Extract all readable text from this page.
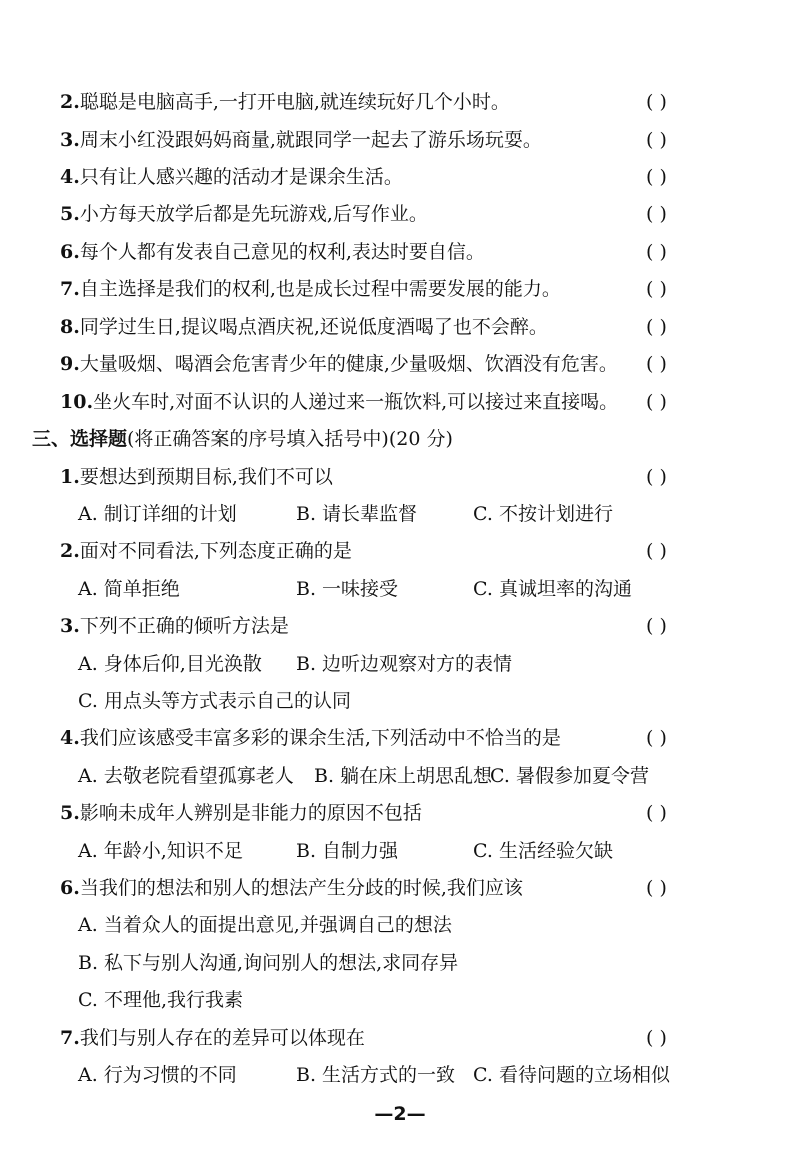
2.聪聪是电脑高手,一打开电脑,就连续玩好几个小时。	( )
3.周末小红没跟妈妈商量,就跟同学一起去了游乐场玩耍。	( )
4.只有让人感兴趣的活动才是课余生活。	( )
5.小方每天放学后都是先玩游戏,后写作业。	( )
6.每个人都有发表自己意见的权利,表达时要自信。	( )
7.自主选择是我们的权利,也是成长过程中需要发展的能力。	( )
8.同学过生日,提议喝点酒庆祝,还说低度酒喝了也不会醉。	( )
9.大量吸烟、喝酒会危害青少年的健康,少量吸烟、饮酒没有危害。 ( )
10.坐火车时,对面不认识的人递过来一瓶饮料,可以接过来直接喝。 ( )
三、选择题(将正确答案的序号填入括号中)(20 分)
1.要想达到预期目标,我们不可以	( )
A. 制订详细的计划	B. 请长辈监督	C. 不按计划进行
2.面对不同看法,下列态度正确的是	( )
A. 简单拒绝	B. 一味接受	C. 真诚坦率的沟通
3.下列不正确的倾听方法是	( )
A. 身体后仰,目光涣散 B. 边听边观察对方的表情
C. 用点头等方式表示自己的认同
4.我们应该感受丰富多彩的课余生活,下列活动中不恰当的是	( )
A. 去敬老院看望孤寡老人 B. 躺在床上胡思乱想
C. 暑假参加夏令营
5.影响未成年人辨别是非能力的原因不包括	( )
A. 年龄小,知识不足	B. 自制力强	C. 生活经验欠缺
6.当我们的想法和别人的想法产生分歧的时候,我们应该	( )
A. 当着众人的面提出意见,并强调自己的想法
B. 私下与别人沟通,询问别人的想法,求同存异
C. 不理他,我行我素
7.我们与别人存在的差异可以体现在	( )
A. 行为习惯的不同	B. 生活方式的一致 C. 看待问题的立场相似
—2—
